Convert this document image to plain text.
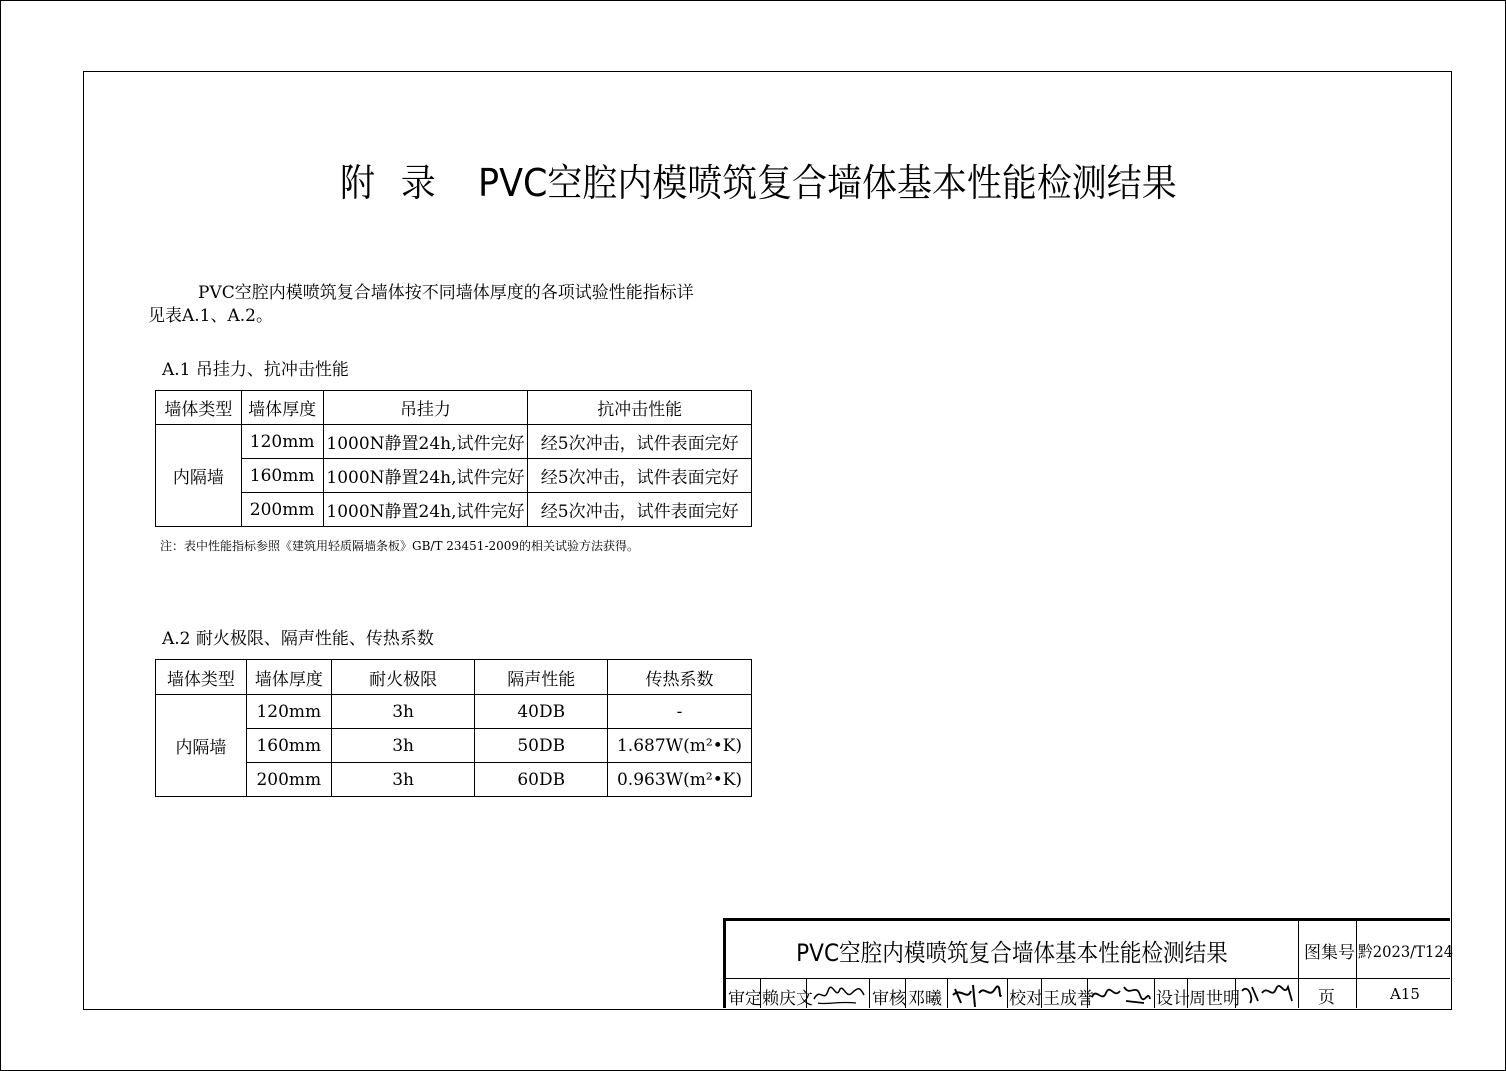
附 录 PVC空腔内模喷筑复合墙体基本性能检测结果
PVC空腔内模喷筑复合墙体按不同墙体厚度的各项试验性能指标详
见表A.1、A.2。
A.1 吊挂力、抗冲击性能
墙体类型	墙体厚度	吊挂力	抗冲击性能
内隔墙	120mm	1000N静置24h,试件完好	经5次冲击，试件表面完好
	160mm	1000N静置24h,试件完好	经5次冲击，试件表面完好
	200mm	1000N静置24h,试件完好	经5次冲击，试件表面完好
注：表中性能指标参照《建筑用轻质隔墙条板》GB/T 23451-2009的相关试验方法获得。
A.2 耐火极限、隔声性能、传热系数
墙体类型	墙体厚度	耐火极限	隔声性能	传热系数
内隔墙	120mm	3h	40DB	-
	160mm	3h	50DB	1.687W(m²•K)
	200mm	3h	60DB	0.963W(m²•K)
PVC空腔内模喷筑复合墙体基本性能检测结果	图集号 黔2023/T124
页	A15
审定 赖庆文	审核 邓曦	校对 王成誉	设计 周世明
